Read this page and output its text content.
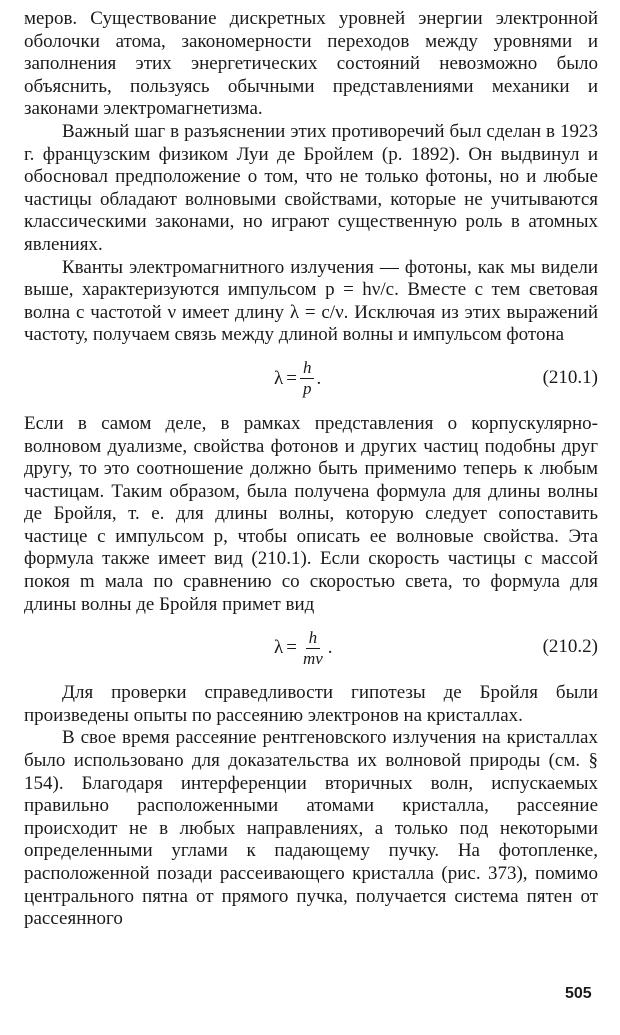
меров. Существование дискретных уровней энергии электронной оболочки атома, закономерности переходов между уровнями и заполнения этих энергетических состояний невозможно было объяснить, пользуясь обычными представлениями механики и законами электромагнетизма.

Важный шаг в разъяснении этих противоречий был сделан в 1923 г. французским физиком Луи де Бройлем (р. 1892). Он выдвинул и обосновал предположение о том, что не только фотоны, но и любые частицы обладают волновыми свойствами, которые не учитываются классическими законами, но играют существенную роль в атомных явлениях.

Кванты электромагнитного излучения — фотоны, как мы видели выше, характеризуются импульсом p = hν/c. Вместе с тем световая волна с частотой ν имеет длину λ = c/ν. Исключая из этих выражений частоту, получаем связь между длиной волны и импульсом фотона

$\lambda = \frac{h}{p}$ .	(210.1)

Если в самом деле, в рамках представления о корпускулярно-волновом дуализме, свойства фотонов и других частиц подобны друг другу, то это соотношение должно быть применимо теперь к любым частицам. Таким образом, была получена формула для длины волны де Бройля, т. е. для длины волны, которую следует сопоставить частице с импульсом p, чтобы описать ее волновые свойства. Эта формула также имеет вид (210.1). Если скорость частицы с массой покоя m мала по сравнению со скоростью света, то формула для длины волны де Бройля примет вид

$\lambda = \frac{h}{mv}$ .	(210.2)

Для проверки справедливости гипотезы де Бройля были произведены опыты по рассеянию электронов на кристаллах.

В свое время рассеяние рентгеновского излучения на кристаллах было использовано для доказательства их волновой природы (см. § 154). Благодаря интерференции вторичных волн, испускаемых правильно расположенными атомами кристалла, рассеяние происходит не в любых направлениях, а только под некоторыми определенными углами к падающему пучку. На фотопленке, расположенной позади рассеивающего кристалла (рис. 373), помимо центрального пятна от прямого пучка, получается система пятен от рассеянного

505
